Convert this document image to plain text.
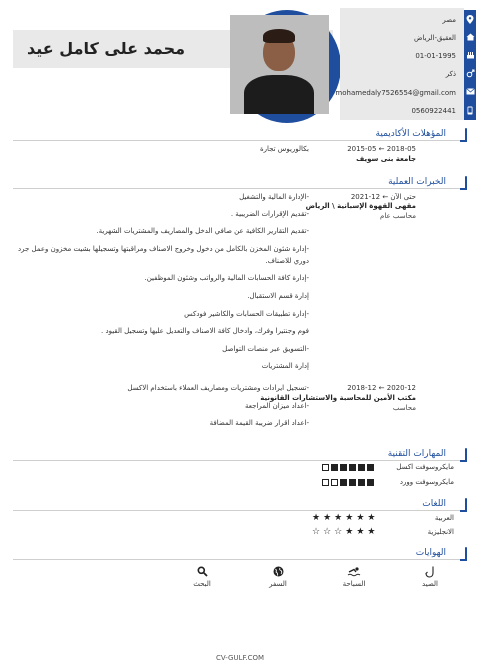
محمد على كامل عيد
مصر
العقيق-الرياض
01-01-1995
ذكر
mohamedaly7526554@gmail.com
0560922441
المؤهلات الأكاديمية
2015-05 ← 2018-05
جامعة بنى سويف
بكالوريوس تجارة
الخبرات العملية
2021-12 ← حتى الآن
مقهى القهوة الإسبانية \ الرياض
محاسب عام
-الإدارة المالية والتشغيل
-تقديم الإقرارات الضريبية .
-تقديم التقارير الكافية عن صافي الدخل والمصاريف والمشتريات الشهرية.
-إدارة شئون المخزن بالكامل من دخول وخروج الاصناف ومراقبتها وتسجيلها بشيت مخزون وعمل جرد دوري للاصناف.
-إدارة كافة الحسابات المالية والرواتب وشئون الموظفين.
إدارة قسم الاستقبال.
-إدارة تطبيقات الحسابات والكاشير فودكس
فوم وجنتيرا وفرك، وادخال كافة الاصناف والتعديل عليها وتسجيل القيود .
-التسويق عبر منصات التواصل
إدارة المشتريات
2018-12 ← 2020-12
مكتب الأمين للمحاسبة والاستشارات القانونية
محاسب
-تسجيل ايرادات ومشتريات ومصاريف العملاء باستخدام الاكسل
-اعداد ميزان المراجعة
-اعداد اقرار ضريبة القيمة المضافة
المهارات التقنية
مايكروسوفت اكسل
مايكروسوفت وورد
اللغات
العربية
★ ★ ★ ★ ★ ★
الانجليزية
☆ ☆ ☆ ★ ★ ★
الهوايات
الصيد
السباحة
السفر
البحث
CV-GULF.COM
